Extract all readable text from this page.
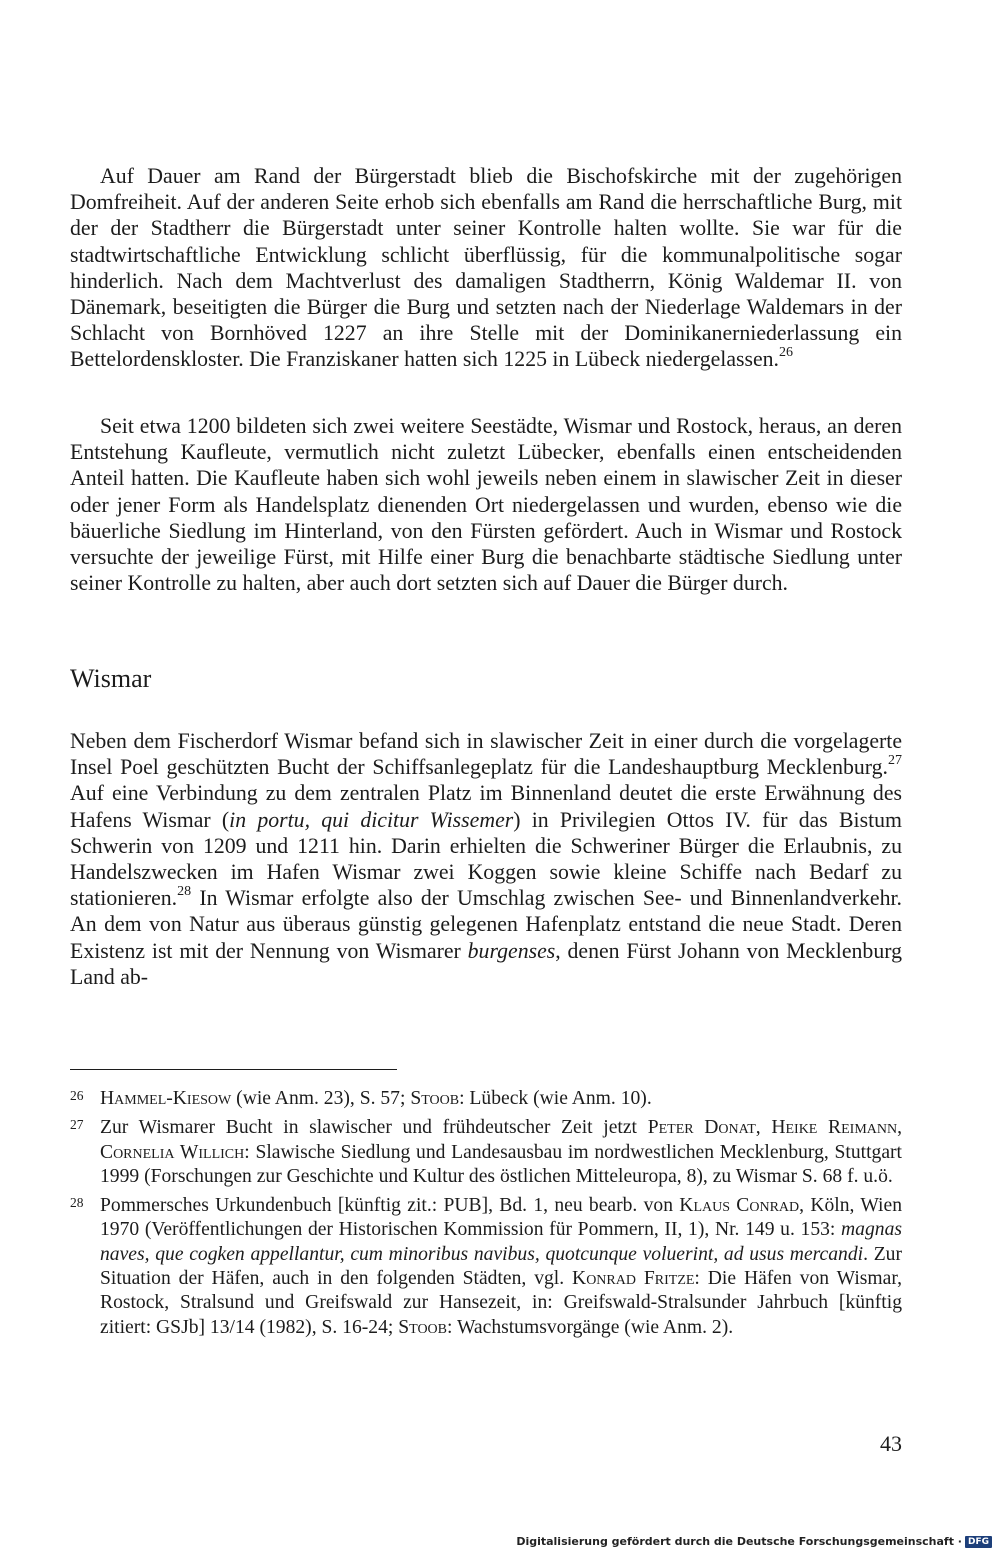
Auf Dauer am Rand der Bürgerstadt blieb die Bischofskirche mit der zugehörigen Domfreiheit. Auf der anderen Seite erhob sich ebenfalls am Rand die herrschaftliche Burg, mit der der Stadtherr die Bürgerstadt unter seiner Kontrolle halten wollte. Sie war für die stadtwirtschaftliche Entwicklung schlicht überflüssig, für die kommunalpolitische sogar hinderlich. Nach dem Machtverlust des damaligen Stadtherrn, König Waldemar II. von Dänemark, beseitigten die Bürger die Burg und setzten nach der Niederlage Waldemars in der Schlacht von Bornhöved 1227 an ihre Stelle mit der Dominikanerniederlassung ein Bettelordenskloster. Die Franziskaner hatten sich 1225 in Lübeck niedergelassen.$^{26}$

Seit etwa 1200 bildeten sich zwei weitere Seestädte, Wismar und Rostock, heraus, an deren Entstehung Kaufleute, vermutlich nicht zuletzt Lübecker, ebenfalls einen entscheidenden Anteil hatten. Die Kaufleute haben sich wohl jeweils neben einem in slawischer Zeit in dieser oder jener Form als Handelsplatz dienenden Ort niedergelassen und wurden, ebenso wie die bäuerliche Siedlung im Hinterland, von den Fürsten gefördert. Auch in Wismar und Rostock versuchte der jeweilige Fürst, mit Hilfe einer Burg die benachbarte städtische Siedlung unter seiner Kontrolle zu halten, aber auch dort setzten sich auf Dauer die Bürger durch.

Wismar

Neben dem Fischerdorf Wismar befand sich in slawischer Zeit in einer durch die vorgelagerte Insel Poel geschützten Bucht der Schiffsanlegeplatz für die Landeshauptburg Mecklenburg.$^{27}$ Auf eine Verbindung zu dem zentralen Platz im Binnenland deutet die erste Erwähnung des Hafens Wismar (in portu, qui dicitur Wissemer) in Privilegien Ottos IV. für das Bistum Schwerin von 1209 und 1211 hin. Darin erhielten die Schweriner Bürger die Erlaubnis, zu Handelszwecken im Hafen Wismar zwei Koggen sowie kleine Schiffe nach Bedarf zu stationieren.$^{28}$ In Wismar erfolgte also der Umschlag zwischen See- und Binnenlandverkehr. An dem von Natur aus überaus günstig gelegenen Hafenplatz entstand die neue Stadt. Deren Existenz ist mit der Nennung von Wismarer burgenses, denen Fürst Johann von Mecklenburg Land ab-

26 Hammel-Kiesow (wie Anm. 23), S. 57; Stoob: Lübeck (wie Anm. 10).
27 Zur Wismarer Bucht in slawischer und frühdeutscher Zeit jetzt Peter Donat, Heike Reimann, Cornelia Willich: Slawische Siedlung und Landesausbau im nordwestlichen Mecklenburg, Stuttgart 1999 (Forschungen zur Geschichte und Kultur des östlichen Mitteleuropa, 8), zu Wismar S. 68 f. u.ö.
28 Pommersches Urkundenbuch [künftig zit.: PUB], Bd. 1, neu bearb. von Klaus Conrad, Köln, Wien 1970 (Veröffentlichungen der Historischen Kommission für Pommern, II, 1), Nr. 149 u. 153: magnas naves, que cogken appellantur, cum minoribus navibus, quotcunque voluerint, ad usus mercandi. Zur Situation der Häfen, auch in den folgenden Städten, vgl. Konrad Fritze: Die Häfen von Wismar, Rostock, Stralsund und Greifswald zur Hansezeit, in: Greifswald-Stralsunder Jahrbuch [künftig zitiert: GSJb] 13/14 (1982), S. 16-24; Stoob: Wachstumsvorgänge (wie Anm. 2).

43

Digitalisierung gefördert durch die Deutsche Forschungsgemeinschaft · DFG
